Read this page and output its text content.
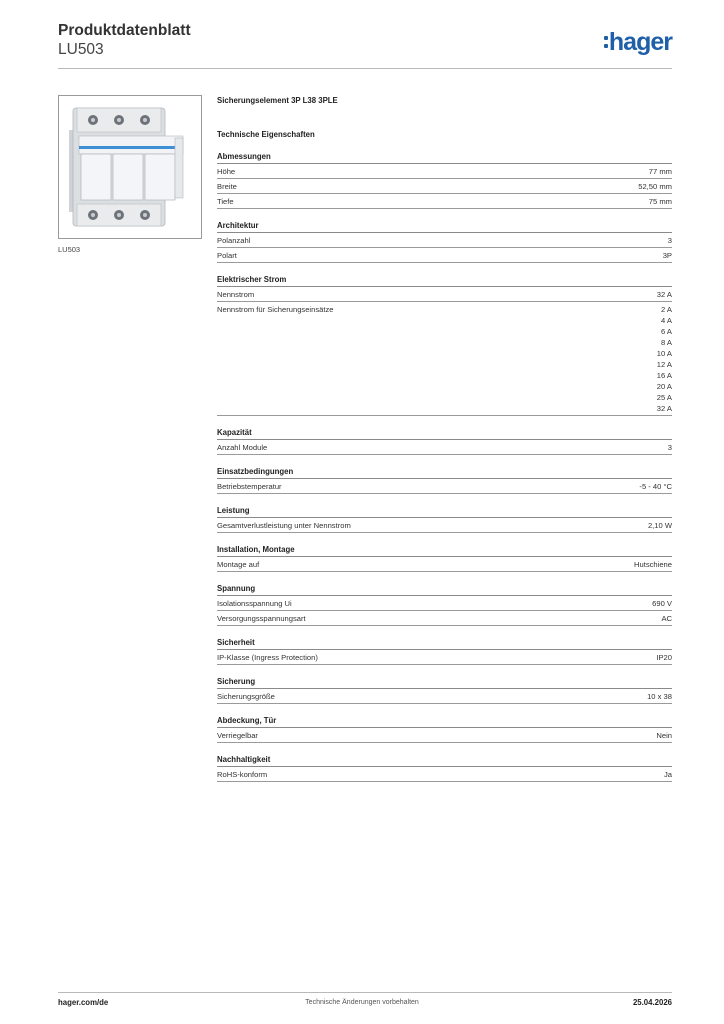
Produktdatenblatt
LU503	hager
LU503
Sicherungselement 3P L38 3PLE
Technische Eigenschaften
Abmessungen
Höhe	77 mm
Breite	52,50 mm
Tiefe	75 mm
Architektur
Polanzahl	3
Polart	3P
Elektrischer Strom
Nennstrom	32 A
Nennstrom für Sicherungseinsätze	2 A
4 A
6 A
8 A
10 A
12 A
16 A
20 A
25 A
32 A
Kapazität
Anzahl Module	3
Einsatzbedingungen
Betriebstemperatur	-5 - 40 °C
Leistung
Gesamtverlustleistung unter Nennstrom	2,10 W
Installation, Montage
Montage auf	Hutschiene
Spannung
Isolationsspannung Ui	690 V
Versorgungsspannungsart	AC
Sicherheit
IP-Klasse (Ingress Protection)	IP20
Sicherung
Sicherungsgröße	10 x 38
Abdeckung, Tür
Verriegelbar	Nein
Nachhaltigkeit
RoHS-konform	Ja
hager.com/de	Technische Änderungen vorbehalten	25.04.2026
